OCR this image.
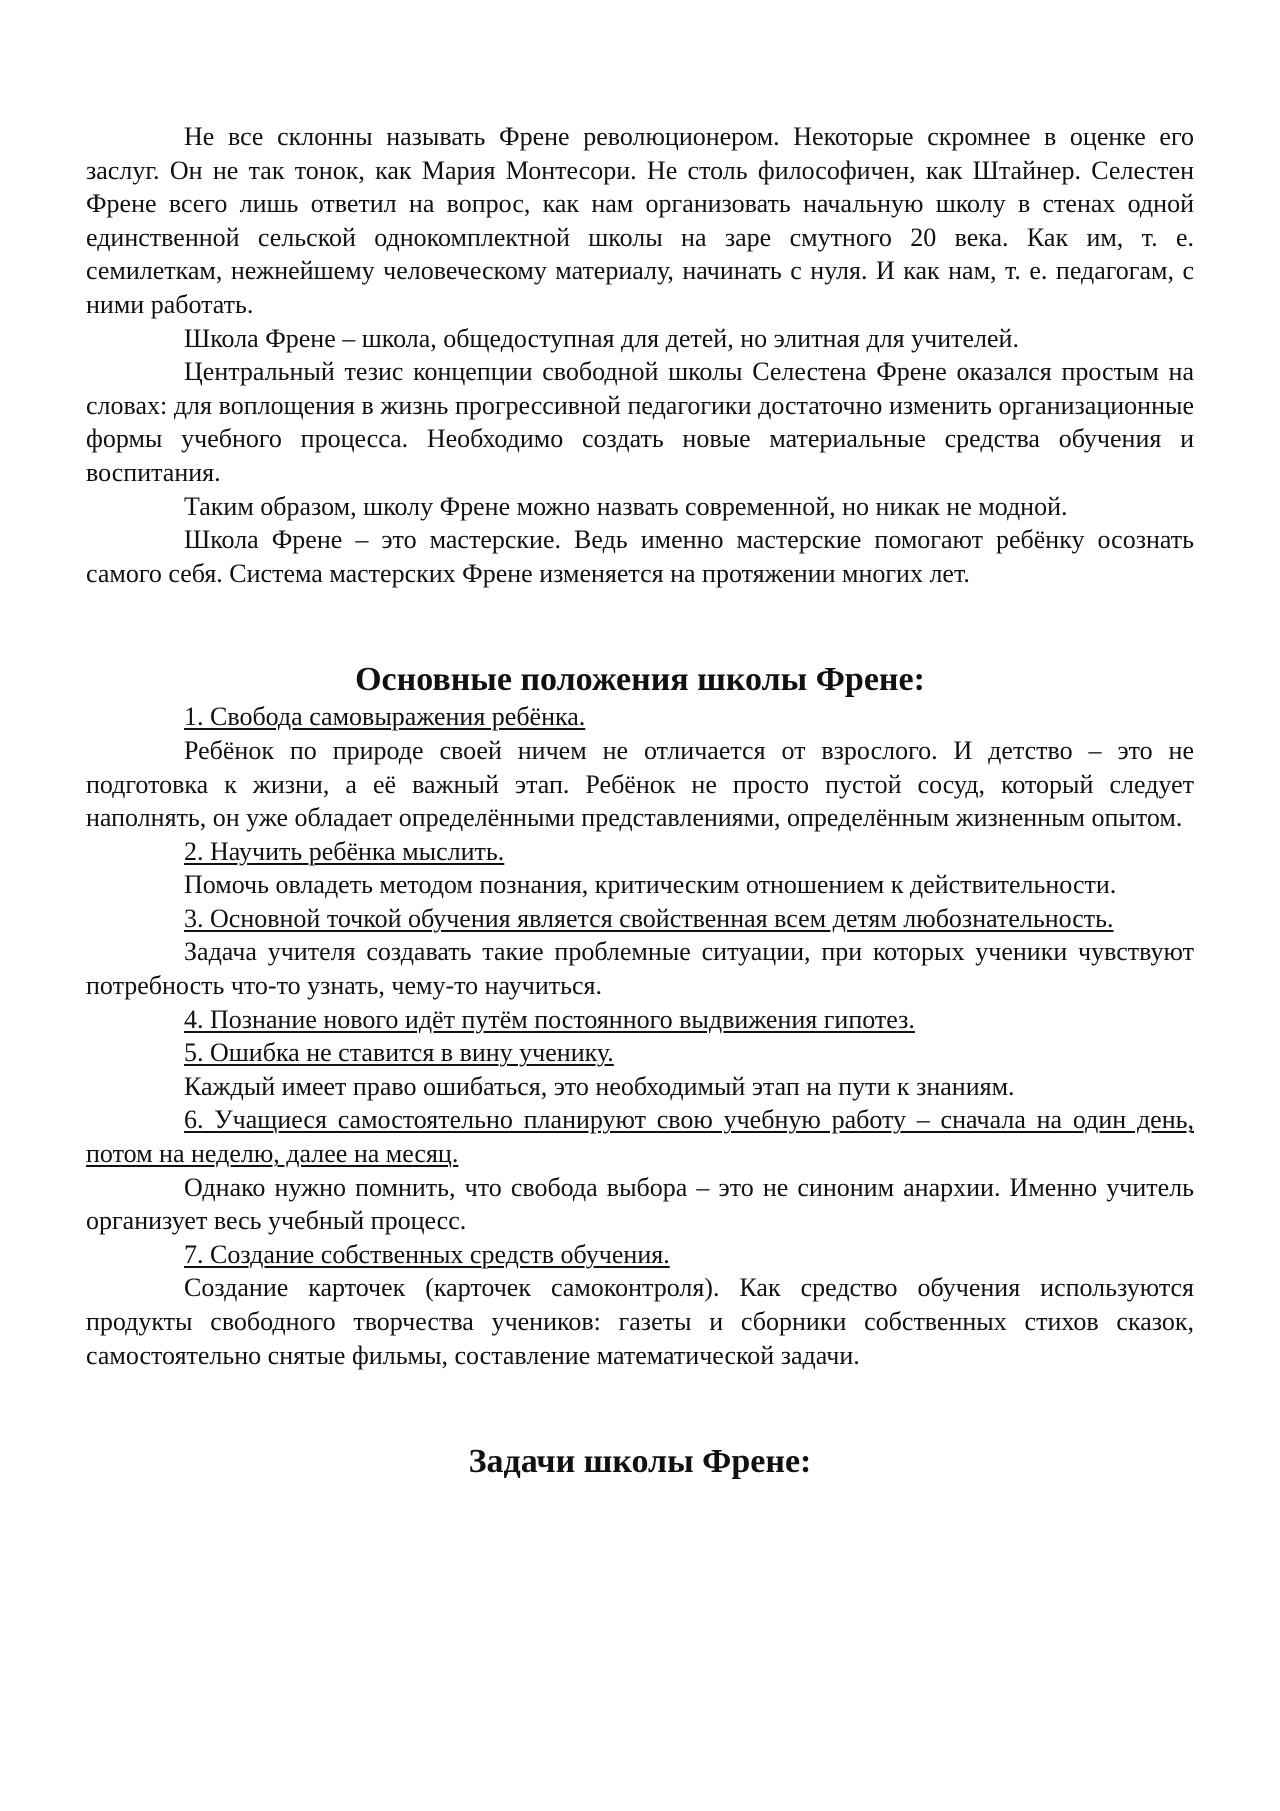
Не все склонны называть Френе революционером. Некоторые скромнее в оценке его заслуг. Он не так тонок, как Мария Монтесори. Не столь философичен, как Штайнер. Селестен Френе всего лишь ответил на вопрос, как нам организовать начальную школу в стенах одной единственной сельской однокомплектной школы на заре смутного 20 века. Как им, т. е. семилеткам, нежнейшему человеческому материалу, начинать с нуля. И как нам, т. е. педагогам, с ними работать.

Школа Френе – школа, общедоступная для детей, но элитная для учителей.

Центральный тезис концепции свободной школы Селестена Френе оказался простым на словах: для воплощения в жизнь прогрессивной педагогики достаточно изменить организационные формы учебного процесса. Необходимо создать новые материальные средства обучения и воспитания.

Таким образом, школу Френе можно назвать современной, но никак не модной.

Школа Френе – это мастерские. Ведь именно мастерские помогают ребёнку осознать самого себя. Система мастерских Френе изменяется на протяжении многих лет.

Основные положения школы Френе:

1. Свобода самовыражения ребёнка.

Ребёнок по природе своей ничем не отличается от взрослого. И детство – это не подготовка к жизни, а её важный этап. Ребёнок не просто пустой сосуд, который следует наполнять, он уже обладает определёнными представлениями, определённым жизненным опытом.

2. Научить ребёнка мыслить.

Помочь овладеть методом познания, критическим отношением к действительности.

3. Основной точкой обучения является свойственная всем детям любознательность.

Задача учителя создавать такие проблемные ситуации, при которых ученики чувствуют потребность что-то узнать, чему-то научиться.

4. Познание нового идёт путём постоянного выдвижения гипотез.

5. Ошибка не ставится в вину ученику.

Каждый имеет право ошибаться, это необходимый этап на пути к знаниям.

6. Учащиеся самостоятельно планируют свою учебную работу – сначала на один день, потом на неделю, далее на месяц.

Однако нужно помнить, что свобода выбора – это не синоним анархии. Именно учитель организует весь учебный процесс.

7. Создание собственных средств обучения.

Создание карточек (карточек самоконтроля). Как средство обучения используются продукты свободного творчества учеников: газеты и сборники собственных стихов сказок, самостоятельно снятые фильмы, составление математической задачи.

Задачи школы Френе:
